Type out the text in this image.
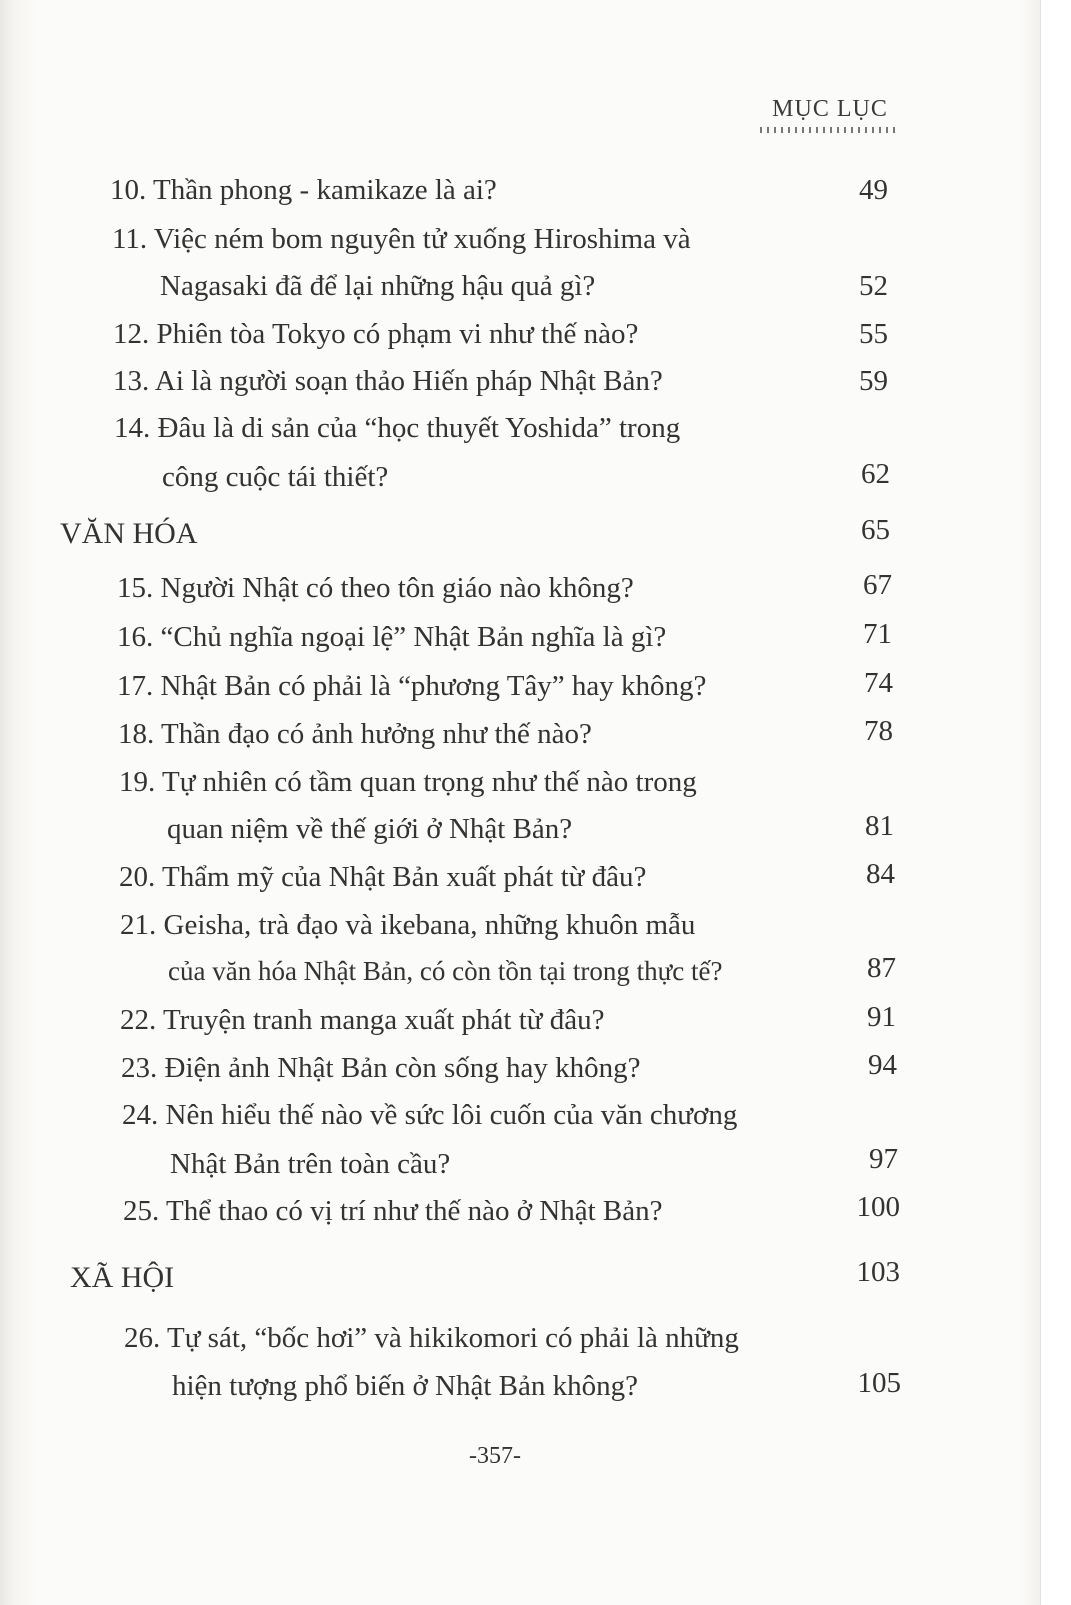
MỤC LỤC
10. Thần phong - kamikaze là ai?	49
11. Việc ném bom nguyên tử xuống Hiroshima và
Nagasaki đã để lại những hậu quả gì?	52
12. Phiên tòa Tokyo có phạm vi như thế nào?	55
13. Ai là người soạn thảo Hiến pháp Nhật Bản?	59
14. Đâu là di sản của “học thuyết Yoshida” trong
công cuộc tái thiết?	62
VĂN HÓA	65
15. Người Nhật có theo tôn giáo nào không?	67
16. “Chủ nghĩa ngoại lệ” Nhật Bản nghĩa là gì?	71
17. Nhật Bản có phải là “phương Tây” hay không?	74
18. Thần đạo có ảnh hưởng như thế nào?	78
19. Tự nhiên có tầm quan trọng như thế nào trong
quan niệm về thế giới ở Nhật Bản?	81
20. Thẩm mỹ của Nhật Bản xuất phát từ đâu?	84
21. Geisha, trà đạo và ikebana, những khuôn mẫu
của văn hóa Nhật Bản, có còn tồn tại trong thực tế?	87
22. Truyện tranh manga xuất phát từ đâu?	91
23. Điện ảnh Nhật Bản còn sống hay không?	94
24. Nên hiểu thế nào về sức lôi cuốn của văn chương
Nhật Bản trên toàn cầu?	97
25. Thể thao có vị trí như thế nào ở Nhật Bản?	100
XÃ HỘI	103
26. Tự sát, “bốc hơi” và hikikomori có phải là những
hiện tượng phổ biến ở Nhật Bản không?	105
-357-
